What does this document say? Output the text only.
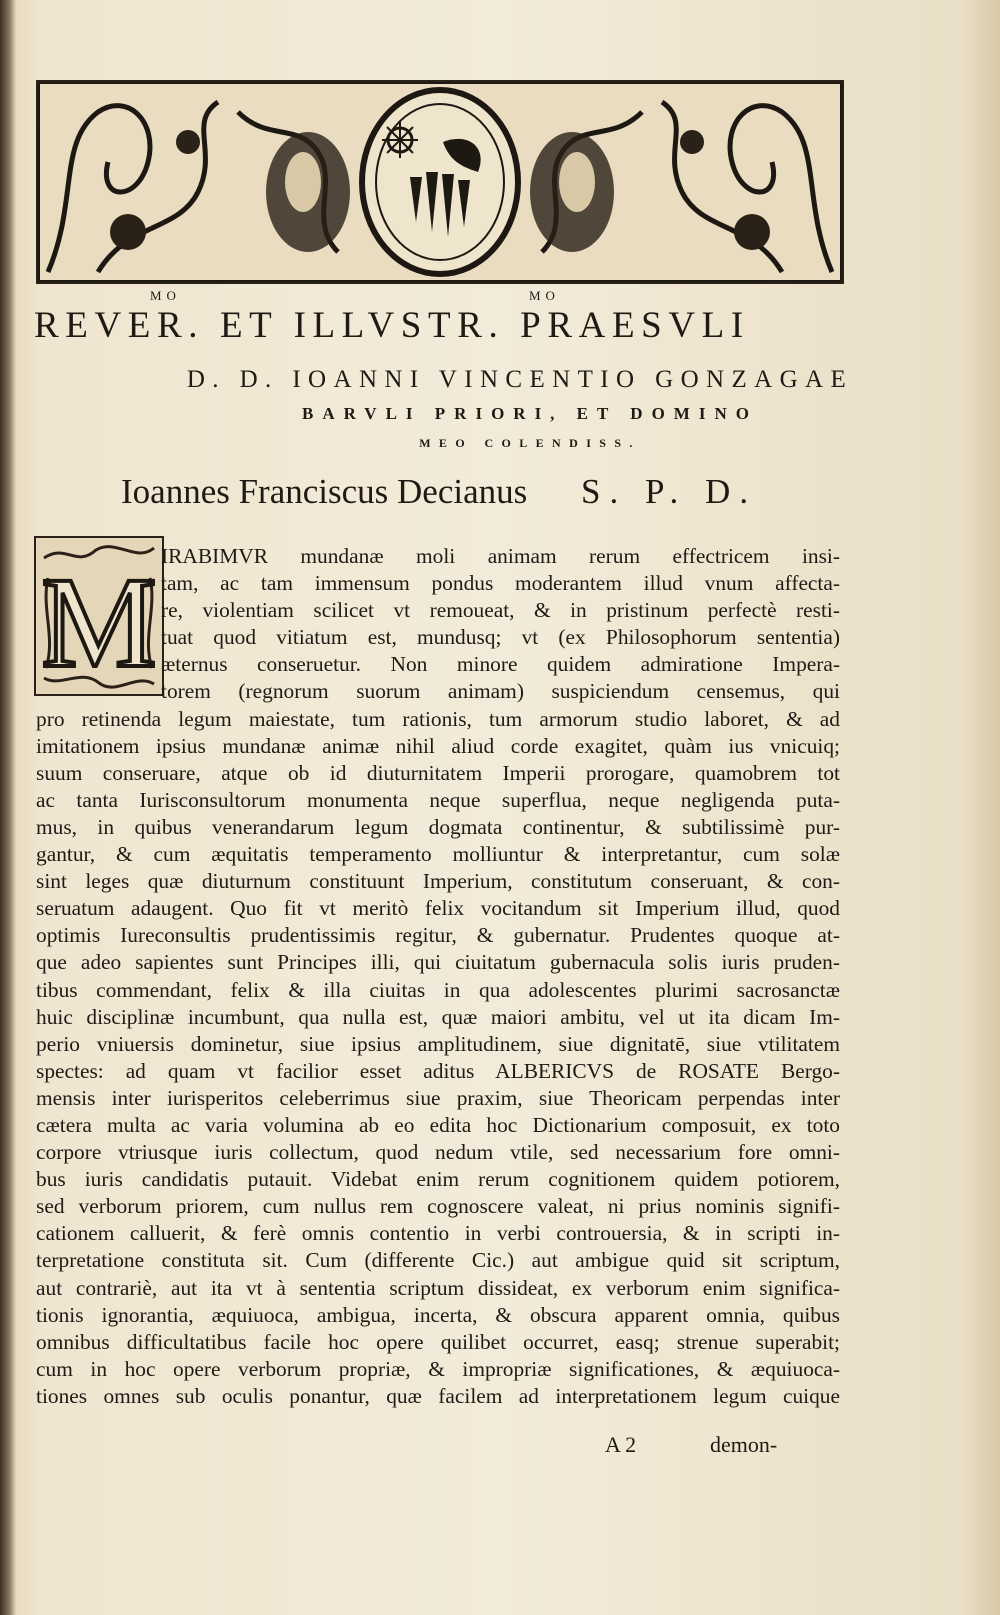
MO	MO
REVER. ET ILLVSTR. PRAESVLI
D. D. IOANNI VINCENTIO GONZAGAE
BARVLI PRIORI, ET DOMINO
MEO COLENDISS.
Ioannes Franciscus Decianus S. P. D.
M IRABIMVR mundanæ moli animam rerum effectricem insi-
tam, ac tam immensum pondus moderantem illud vnum affecta-
re, violentiam scilicet vt remoueat, & in pristinum perfectè resti-
tuat quod vitiatum est, mundusq; vt (ex Philosophorum sententia)
æternus conseruetur. Non minore quidem admiratione Impera-
torem (regnorum suorum animam) suspiciendum censemus, qui
pro retinenda legum maiestate, tum rationis, tum armorum studio laboret, & ad
imitationem ipsius mundanæ animæ nihil aliud corde exagitet, quàm ius vnicuiq;
suum conseruare, atque ob id diuturnitatem Imperii prorogare, quamobrem tot
ac tanta Iurisconsultorum monumenta neque superflua, neque negligenda puta-
mus, in quibus venerandarum legum dogmata continentur, & subtilissimè pur-
gantur, & cum æquitatis temperamento molliuntur & interpretantur, cum solæ
sint leges quæ diuturnum constituunt Imperium, constitutum conseruant, & con-
seruatum adaugent. Quo fit vt meritò felix vocitandum sit Imperium illud, quod
optimis Iureconsultis prudentissimis regitur, & gubernatur. Prudentes quoque at-
que adeo sapientes sunt Principes illi, qui ciuitatum gubernacula solis iuris pruden-
tibus commendant, felix & illa ciuitas in qua adolescentes plurimi sacrosanctæ
huic disciplinæ incumbunt, qua nulla est, quæ maiori ambitu, vel ut ita dicam Im-
perio vniuersis dominetur, siue ipsius amplitudinem, siue dignitatē, siue vtilitatem
spectes: ad quam vt facilior esset aditus ALBERICVS de ROSATE Bergo-
mensis inter iurisperitos celeberrimus siue praxim, siue Theoricam perpendas inter
cætera multa ac varia volumina ab eo edita hoc Dictionarium composuit, ex toto
corpore vtriusque iuris collectum, quod nedum vtile, sed necessarium fore omni-
bus iuris candidatis putauit. Videbat enim rerum cognitionem quidem potiorem,
sed verborum priorem, cum nullus rem cognoscere valeat, ni prius nominis signifi-
cationem calluerit, & ferè omnis contentio in verbi controuersia, & in scripti in-
terpretatione constituta sit. Cum (differente Cic.) aut ambigue quid sit scriptum,
aut contrariè, aut ita vt à sententia scriptum dissideat, ex verborum enim significa-
tionis ignorantia, æquiuoca, ambigua, incerta, & obscura apparent omnia, quibus
omnibus difficultatibus facile hoc opere quilibet occurret, easq; strenue superabit;
cum in hoc opere verborum propriæ, & impropriæ significationes, & æquiuoca-
tiones omnes sub oculis ponantur, quæ facilem ad interpretationem legum cuique
A 2	demon-
